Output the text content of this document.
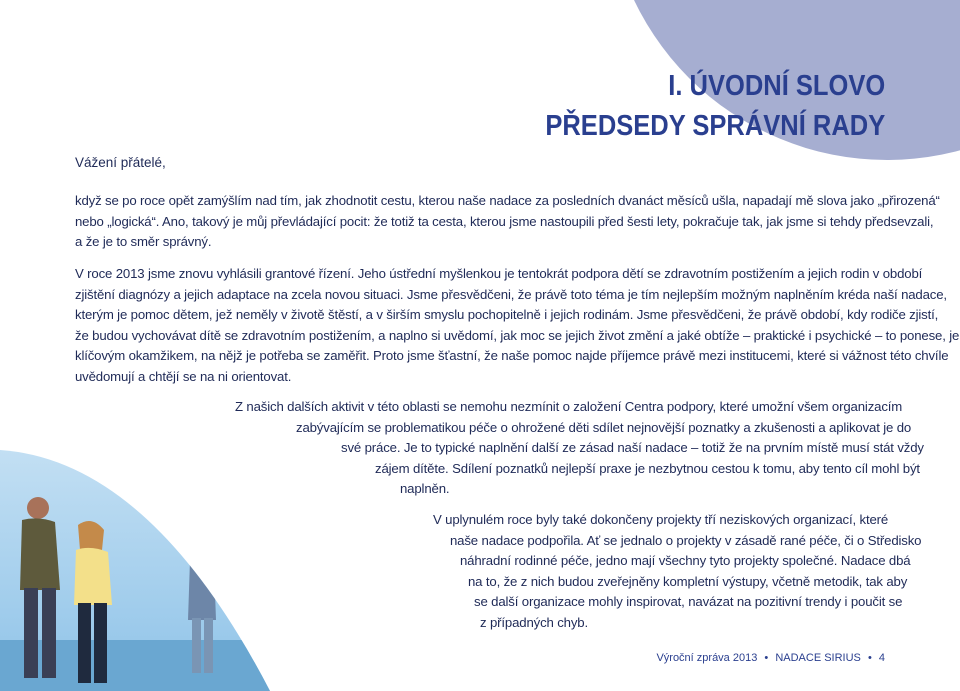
I. ÚVODNÍ SLOVO
PŘEDSEDY SPRÁVNÍ RADY
Vážení přátelé,
když se po roce opět zamýšlím nad tím, jak zhodnotit cestu, kterou naše nadace za posledních dvanáct měsíců ušla, napadají mě slova jako „přirozená“
nebo „logická“. Ano, takový je můj převládající pocit: že totiž ta cesta, kterou jsme nastoupili před šesti lety, pokračuje tak, jak jsme si tehdy předsevzali,
a že je to směr správný.
V roce 2013 jsme znovu vyhlásili grantové řízení. Jeho ústřední myšlenkou je tentokrát podpora dětí se zdravotním postižením a jejich rodin v období
zjištění diagnózy a jejich adaptace na zcela novou situaci. Jsme přesvědčeni, že právě toto téma je tím nejlepším možným naplněním kréda naší nadace,
kterým je pomoc dětem, jež neměly v životě štěstí, a v širším smyslu pochopitelně i jejich rodinám. Jsme přesvědčeni, že právě období, kdy rodiče zjistí,
že budou vychovávat dítě se zdravotním postižením, a naplno si uvědomí, jak moc se jejich život změní a jaké obtíže – praktické i psychické – to ponese, je
klíčovým okamžikem, na nějž je potřeba se zaměřit. Proto jsme šťastní, že naše pomoc najde příjemce právě mezi institucemi, které si vážnost této chvíle
uvědomují a chtějí se na ni orientovat.
Z našich dalších aktivit v této oblasti se nemohu nezmínit o založení Centra podpory, které umožní všem organizacím
zabývajícím se problematikou péče o ohrožené děti sdílet nejnovější poznatky a zkušenosti a aplikovat je do
své práce. Je to typické naplnění další ze zásad naší nadace – totiž že na prvním místě musí stát vždy
zájem dítěte. Sdílení poznatků nejlepší praxe je nezbytnou cestou k tomu, aby tento cíl mohl být
naplněn.
V uplynulém roce byly také dokončeny projekty tří neziskových organizací, které
naše nadace podpořila. Ať se jednalo o projekty v zásadě rané péče, či o Středisko
náhradní rodinné péče, jedno mají všechny tyto projekty společné. Nadace dbá
na to, že z nich budou zveřejněny kompletní výstupy, včetně metodik, tak aby
se další organizace mohly inspirovat, navázat na pozitivní trendy i poučit se
z případných chyb.
Výroční zpráva 2013 • NADACE SIRIUS • 4
